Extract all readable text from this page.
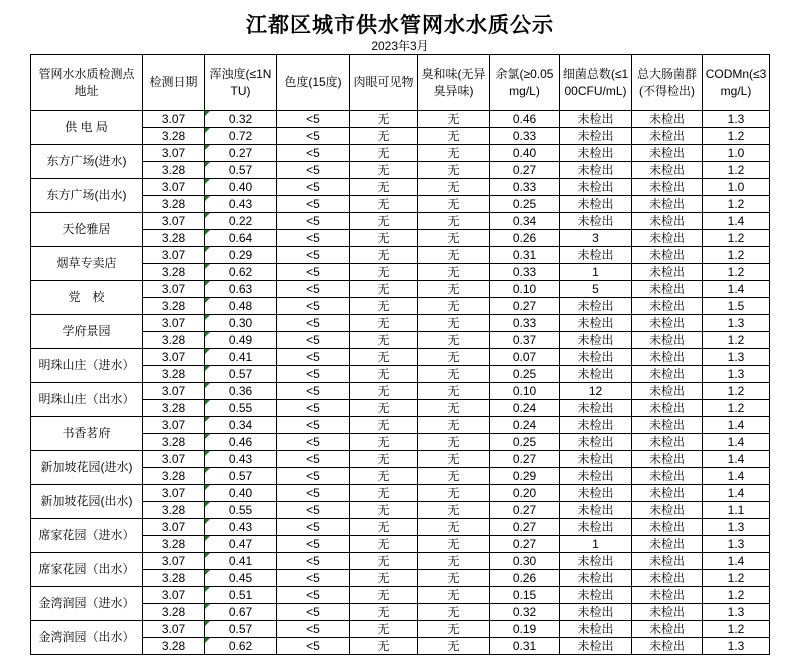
江都区城市供水管网水水质公示
2023年3月
管网水水质检测点地址	检测日期	浑浊度(≤1NTU)	色度(15度)	肉眼可见物	臭和味(无异臭异味)	余氯(≥0.05mg/L)	细菌总数(≤100CFU/mL)	总大肠菌群(不得检出)	CODMn(≤3mg/L)
供 电 局	3.07	0.32	<5	无	无	0.46	未检出	未检出	1.3
	3.28	0.72	<5	无	无	0.33	未检出	未检出	1.2
东方广场(进水)	3.07	0.27	<5	无	无	0.40	未检出	未检出	1.0
	3.28	0.57	<5	无	无	0.27	未检出	未检出	1.2
东方广场(出水)	3.07	0.40	<5	无	无	0.33	未检出	未检出	1.0
	3.28	0.43	<5	无	无	0.25	未检出	未检出	1.2
天伦雅居	3.07	0.22	<5	无	无	0.34	未检出	未检出	1.4
	3.28	0.64	<5	无	无	0.26	3	未检出	1.2
烟草专卖店	3.07	0.29	<5	无	无	0.31	未检出	未检出	1.2
	3.28	0.62	<5	无	无	0.33	1	未检出	1.2
党　校	3.07	0.63	<5	无	无	0.10	5	未检出	1.4
	3.28	0.48	<5	无	无	0.27	未检出	未检出	1.5
学府景园	3.07	0.30	<5	无	无	0.33	未检出	未检出	1.3
	3.28	0.49	<5	无	无	0.37	未检出	未检出	1.2
明珠山庄（进水）	3.07	0.41	<5	无	无	0.07	未检出	未检出	1.3
	3.28	0.57	<5	无	无	0.25	未检出	未检出	1.3
明珠山庄（出水）	3.07	0.36	<5	无	无	0.10	12	未检出	1.2
	3.28	0.55	<5	无	无	0.24	未检出	未检出	1.2
书香茗府	3.07	0.34	<5	无	无	0.24	未检出	未检出	1.4
	3.28	0.46	<5	无	无	0.25	未检出	未检出	1.4
新加坡花园(进水)	3.07	0.43	<5	无	无	0.27	未检出	未检出	1.4
	3.28	0.57	<5	无	无	0.29	未检出	未检出	1.4
新加坡花园(出水)	3.07	0.40	<5	无	无	0.20	未检出	未检出	1.4
	3.28	0.55	<5	无	无	0.27	未检出	未检出	1.1
席家花园（进水）	3.07	0.43	<5	无	无	0.27	未检出	未检出	1.3
	3.28	0.47	<5	无	无	0.27	1	未检出	1.3
席家花园（出水）	3.07	0.41	<5	无	无	0.30	未检出	未检出	1.4
	3.28	0.45	<5	无	无	0.26	未检出	未检出	1.2
金湾润园（进水）	3.07	0.51	<5	无	无	0.15	未检出	未检出	1.2
	3.28	0.67	<5	无	无	0.32	未检出	未检出	1.3
金湾润园（出水）	3.07	0.57	<5	无	无	0.19	未检出	未检出	1.2
	3.28	0.62	<5	无	无	0.31	未检出	未检出	1.3
